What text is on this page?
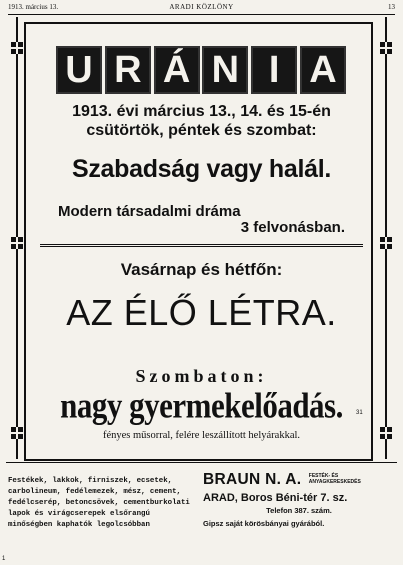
1913. március 13.	ARADI KÖZLÖNY	13
U R Á N I A
1913. évi március 13., 14. és 15-én
csütörtök, péntek és szombat:
Szabadság vagy halál.
Modern társadalmi dráma
3 felvonásban.
Vasárnap és hétfőn:
AZ ÉLŐ LÉTRA.
Szombaton:
nagy gyermekelőadás.
fényes műsorral, felére leszállított helyárakkal.
31
Festékek, lakkok, firniszek, ecsetek, carbolineum, fedélemezek, mész, cement, fedélcserép, betoncsövek, cementburkolati lapok és virágcserepek elsőrangú minőségben kaphatók legolcsóbban
BRAUN N. A. FESTÉK- ÉS
ANYAGKERESKEDÉS
ARAD, Boros Béni-tér 7. sz.
Telefon 387. szám.
Gipsz saját körösbányai gyárából.
1
